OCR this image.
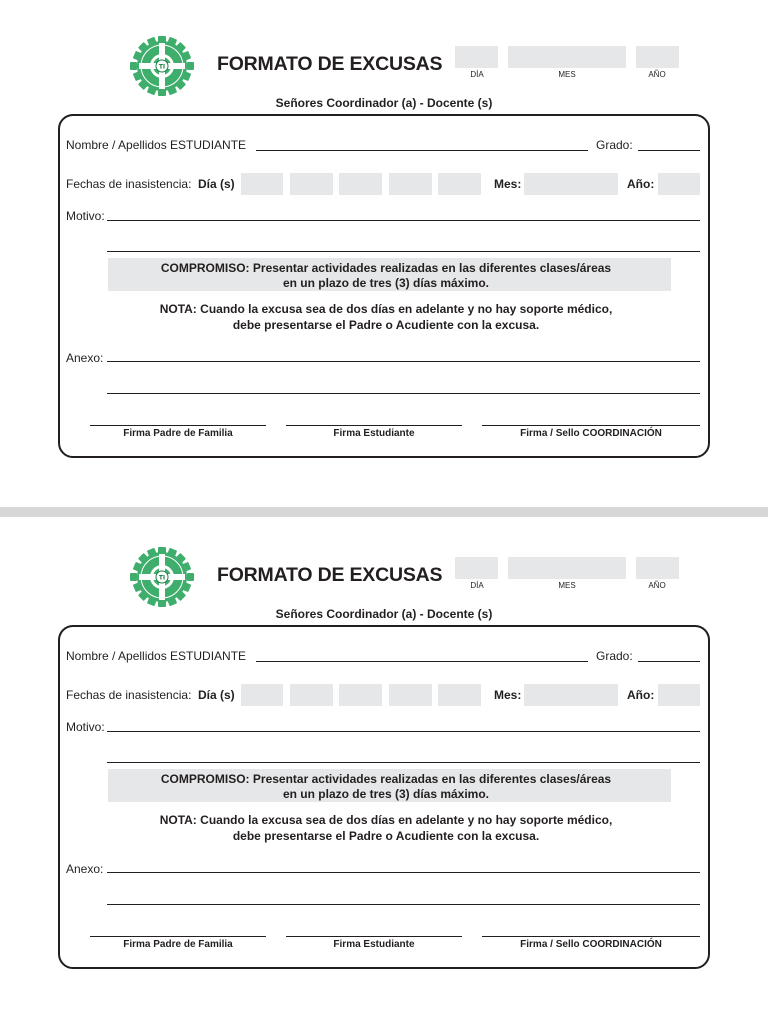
TI	FORMATO DE EXCUSAS	DÍA	MES	AÑO
Señores Coordinador (a) - Docente (s)
Nombre / Apellidos ESTUDIANTE	Grado:
Fechas de inasistencia: Día (s)	Mes:	Año:
Motivo:
COMPROMISO: Presentar actividades realizadas en las diferentes clases/áreas
en un plazo de tres (3) días máximo.
NOTA: Cuando la excusa sea de dos días en adelante y no hay soporte médico,
debe presentarse el Padre o Acudiente con la excusa.
Anexo:
Firma Padre de Familia	Firma Estudiante	Firma / Sello COORDINACIÓN
TI	FORMATO DE EXCUSAS	DÍA	MES	AÑO
Señores Coordinador (a) - Docente (s)
Nombre / Apellidos ESTUDIANTE	Grado:
Fechas de inasistencia: Día (s)	Mes:	Año:
Motivo:
COMPROMISO: Presentar actividades realizadas en las diferentes clases/áreas
en un plazo de tres (3) días máximo.
NOTA: Cuando la excusa sea de dos días en adelante y no hay soporte médico,
debe presentarse el Padre o Acudiente con la excusa.
Anexo:
Firma Padre de Familia	Firma Estudiante	Firma / Sello COORDINACIÓN
